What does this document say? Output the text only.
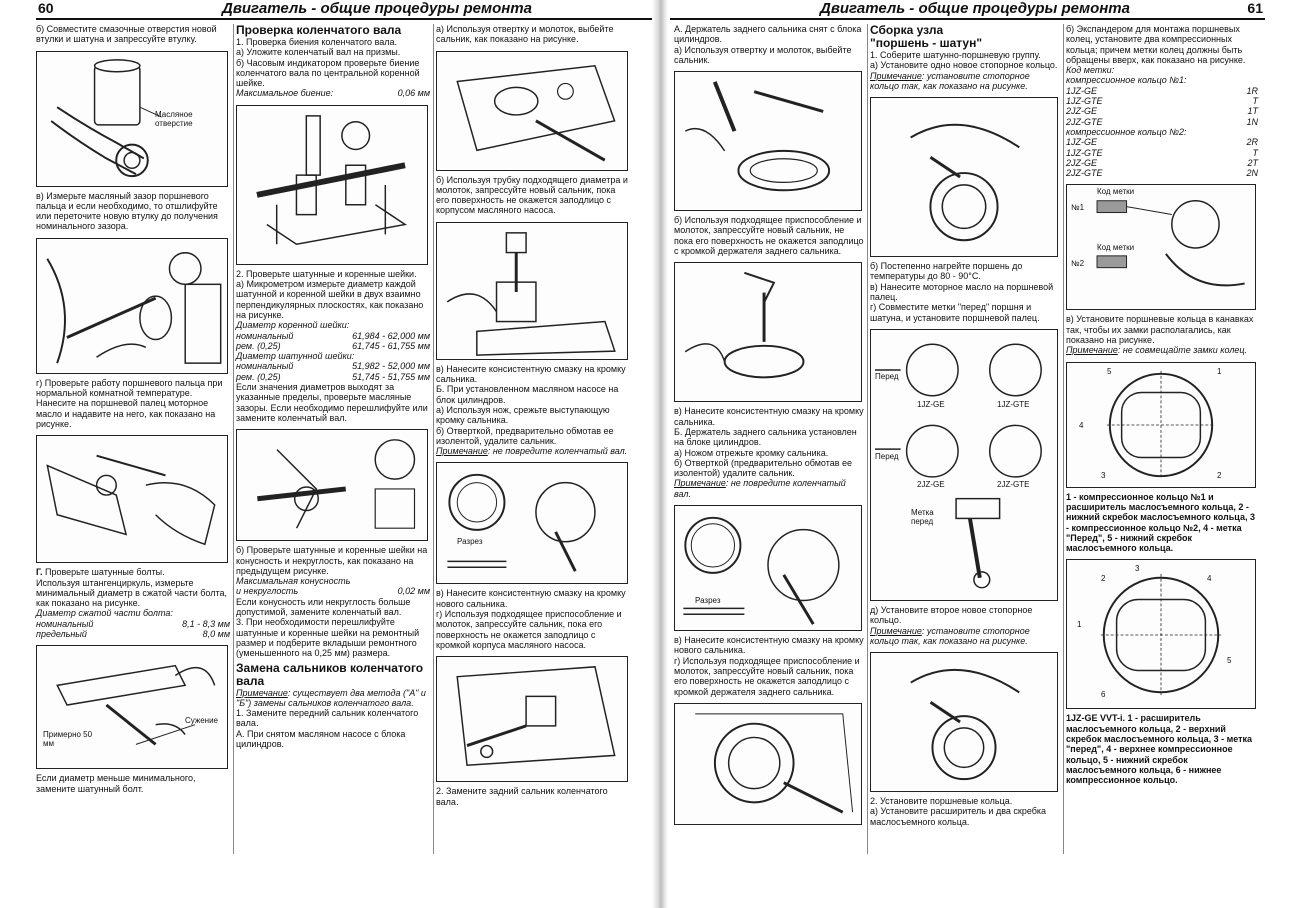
60	Двигатель - общие процедуры ремонта	Двигатель - общие процедуры ремонта	61

б) Совместите смазочные отверстия новой втулки и шатуна и запрессуйте втулку.

Масляное отверстие

в) Измерьте масляный зазор поршневого пальца и если необходимо, то отшлифуйте или переточите новую втулку до получения номинального зазора.

г) Проверьте работу поршневого пальца при нормальной комнатной температуре.

Нанесите на поршневой палец моторное масло и надавите на него, как показано на рисунке.

Г. Проверьте шатунные болты.

Используя штангенциркуль, измерьте минимальный диаметр в сжатой части болта, как показано на рисунке.

Диаметр сжатой части болта:

номинальный	8,1 - 8,3 мм
предельный	8,0 мм
Примерно 50 мм
Сужение

Если диаметр меньше минимального, замените шатунный болт.

Проверка коленчатого вала

1. Проверка биения коленчатого вала.

а) Уложите коленчатый вал на призмы.

б) Часовым индикатором проверьте биение коленчатого вала по центральной коренной шейке.

Максимальное биение:	0,06 мм

2. Проверьте шатунные и коренные шейки.

а) Микрометром измерьте диаметр каждой шатунной и коренной шейки в двух взаимно перпендикулярных плоскостях, как показано на рисунке.

Диаметр коренной шейки:

номинальный	61,984 - 62,000 мм
рем. (0,25)	61,745 - 61,755 мм

Диаметр шатунной шейки:

номинальный	51,982 - 52,000 мм
рем. (0,25)	51,745 - 51,755 мм

Если значения диаметров выходят за указанные пределы, проверьте масляные зазоры. Если необходимо перешлифуйте или замените коленчатый вал.

б) Проверьте шатунные и коренные шейки на конусность и некруглость, как показано на предыдущем рисунке.

Максимальная конусность

и некруглость	0,02 мм

Если конусность или некруглость больше допустимой, замените коленчатый вал.

3. При необходимости перешлифуйте шатунные и коренные шейки на ремонтный размер и подберите вкладыши ремонтного (уменьшенного на 0,25 мм) размера.

Замена сальников коленчатого вала

Примечание: существует два метода ("А" и "Б") замены сальников коленчатого вала.

1. Замените передний сальник коленчатого вала.

А. При снятом масляном насосе с блока цилиндров.

а) Используя отвертку и молоток, выбейте сальник, как показано на рисунке.

б) Используя трубку подходящего диаметра и молоток, запрессуйте новый сальник, пока его поверхность не окажется заподлицо с корпусом масляного насоса.

в) Нанесите консистентную смазку на кромку сальника.

Б. При установленном масляном насосе на блок цилиндров.

а) Используя нож, срежьте выступающую кромку сальника.

б) Отверткой, предварительно обмотав ее изолентой, удалите сальник.

Примечание: не повредите коленчатый вал.

Разрез

в) Нанесите консистентную смазку на кромку нового сальника.

г) Используя подходящее приспособление и молоток, запрессуйте сальник, пока его поверхность не окажется заподлицо с кромкой корпуса масляного насоса.

2. Замените задний сальник коленчатого вала.

А. Держатель заднего сальника снят с блока цилиндров.

а) Используя отвертку и молоток, выбейте сальник.

б) Используя подходящее приспособление и молоток, запрессуйте новый сальник, не пока его поверхность не окажется заподлицо с кромкой держателя заднего сальника.

в) Нанесите консистентную смазку на кромку сальника.

Б. Держатель заднего сальника установлен на блоке цилиндров.

а) Ножом отрежьте кромку сальника.

б) Отверткой (предварительно обмотав ее изолентой) удалите сальник.

Примечание: не повредите коленчатый вал.

Разрез

в) Нанесите консистентную смазку на кромку нового сальника.

г) Используя подходящее приспособление и молоток, запрессуйте новый сальник, пока его поверхность не окажется заподлицо с кромкой держателя заднего сальника.

Сборка узла

"поршень - шатун"

1. Соберите шатунно-поршневую группу.

а) Установите одно новое стопорное кольцо.

Примечание: установите стопорное кольцо так, как показано на рисунке.

б) Постепенно нагрейте поршень до температуры до 80 - 90°С.

в) Нанесите моторное масло на поршневой палец.

г) Совместите метки "перед" поршня и шатуна, и установите поршневой палец.

Перед
1JZ-GE	1JZ-GTE
Перед
2JZ-GE	2JZ-GTE
Метка перед

д) Установите второе новое стопорное кольцо.

Примечание: установите стопорное кольцо так, как показано на рисунке.

2. Установите поршневые кольца.

а) Установите расширитель и два скребка маслосъемного кольца.

б) Экспандером для монтажа поршневых колец, установите два компрессионных кольца; причем метки колец должны быть обращены вверх, как показано на рисунке.

Код метки:

компрессионное кольцо №1:

1JZ-GE	1R
1JZ-GTE	T
2JZ-GE	1T
2JZ-GTE	1N

компрессионное кольцо №2:

1JZ-GE	2R
1JZ-GTE	T
2JZ-GE	2T
2JZ-GTE	2N
Код метки
№1
Код метки
№2

в) Установите поршневые кольца в канавках так, чтобы их замки располагались, как показано на рисунке.

Примечание: не совмещайте замки колец.

1
2
3
4
5

1 - компрессионное кольцо №1 и расширитель маслосъемного кольца, 2 - нижний скребок маслосъемного кольца, 3 - компрессионное кольцо №2, 4 - метка "Перед", 5 - нижний скребок маслосъемного кольца.

1
2
3
4
5
6

1JZ-GE VVT-i. 1 - расширитель маслосъемного кольца, 2 - верхний скребок маслосъемного кольца, 3 - метка "перед", 4 - верхнее компрессионное кольцо, 5 - нижний скребок маслосъемного кольца, 6 - нижнее компрессионное кольцо.
